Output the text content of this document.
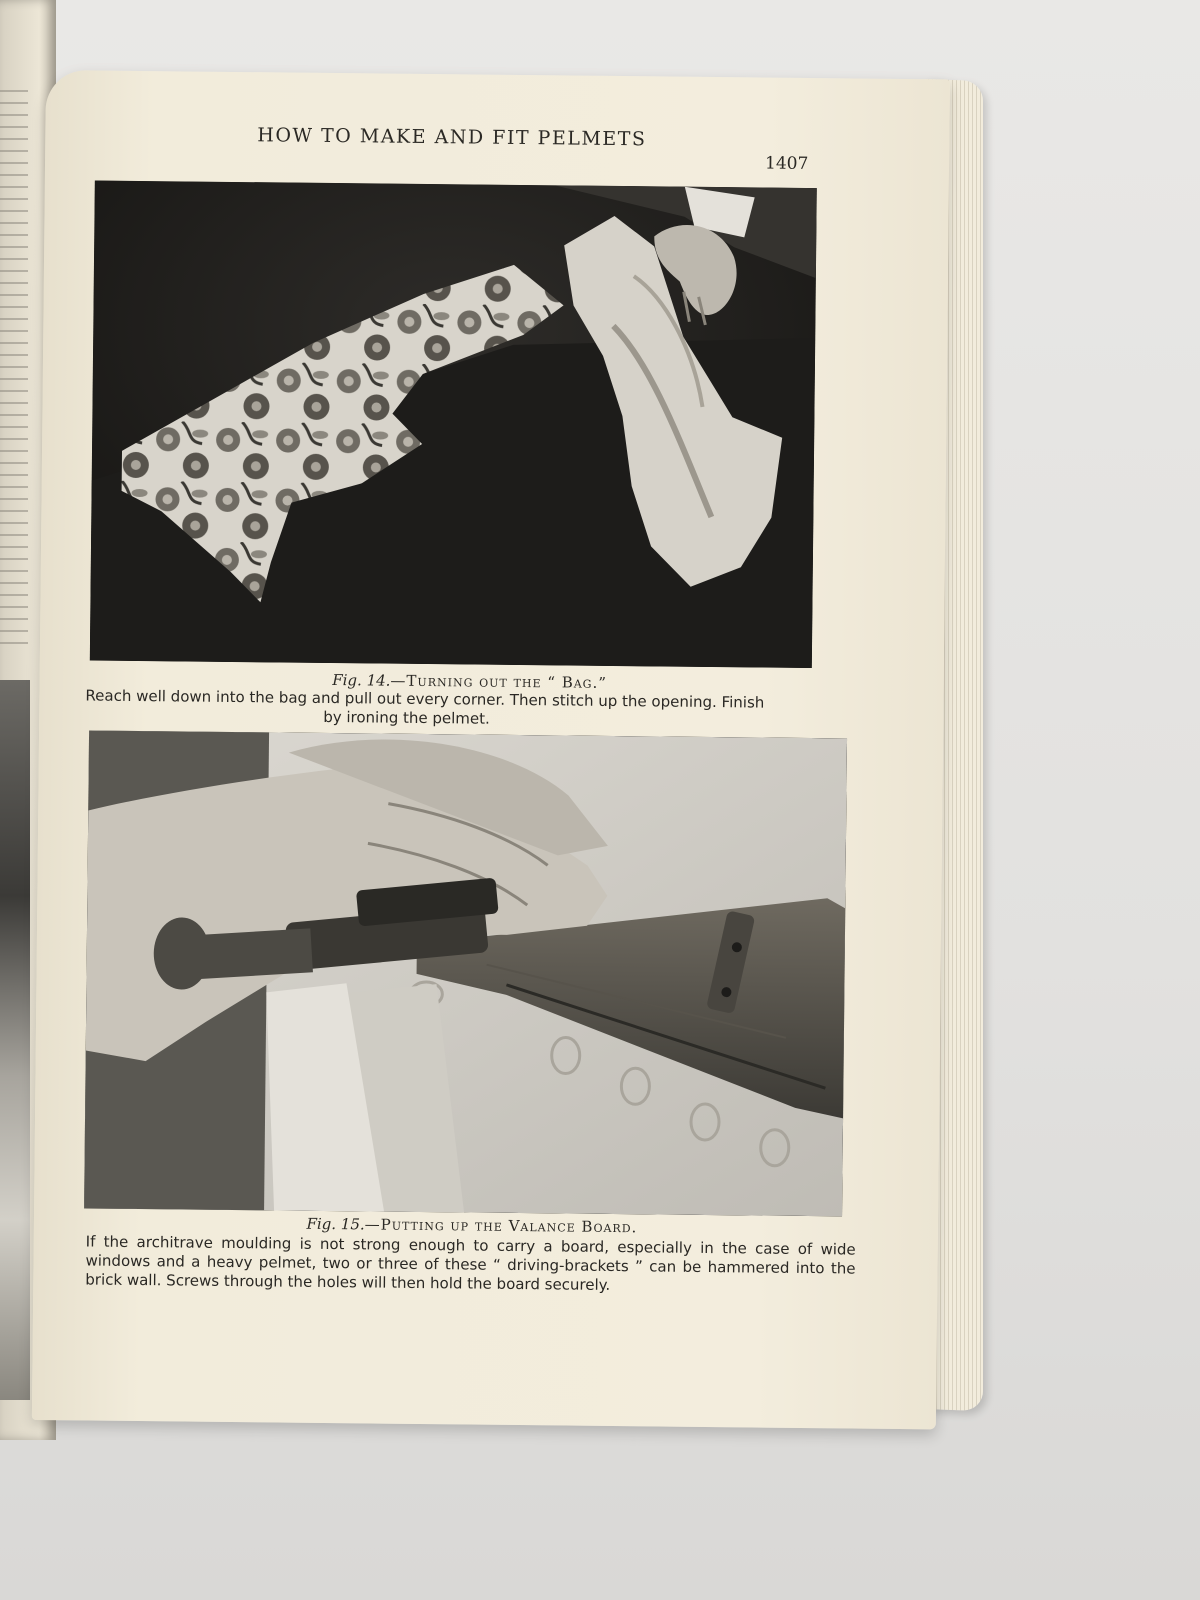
HOW TO MAKE AND FIT PELMETS
1407
Fig. 14.—Turning out the “ Bag.”
Reach well down into the bag and pull out every corner. Then stitch up the opening. Finish
by ironing the pelmet.
Fig. 15.—Putting up the Valance Board.
If the architrave moulding is not strong enough to carry a board, especially in the case of wide windows and a heavy pelmet, two or three of these “ driving-brackets ” can be hammered into the brick wall. Screws through the holes will then hold the board securely.
